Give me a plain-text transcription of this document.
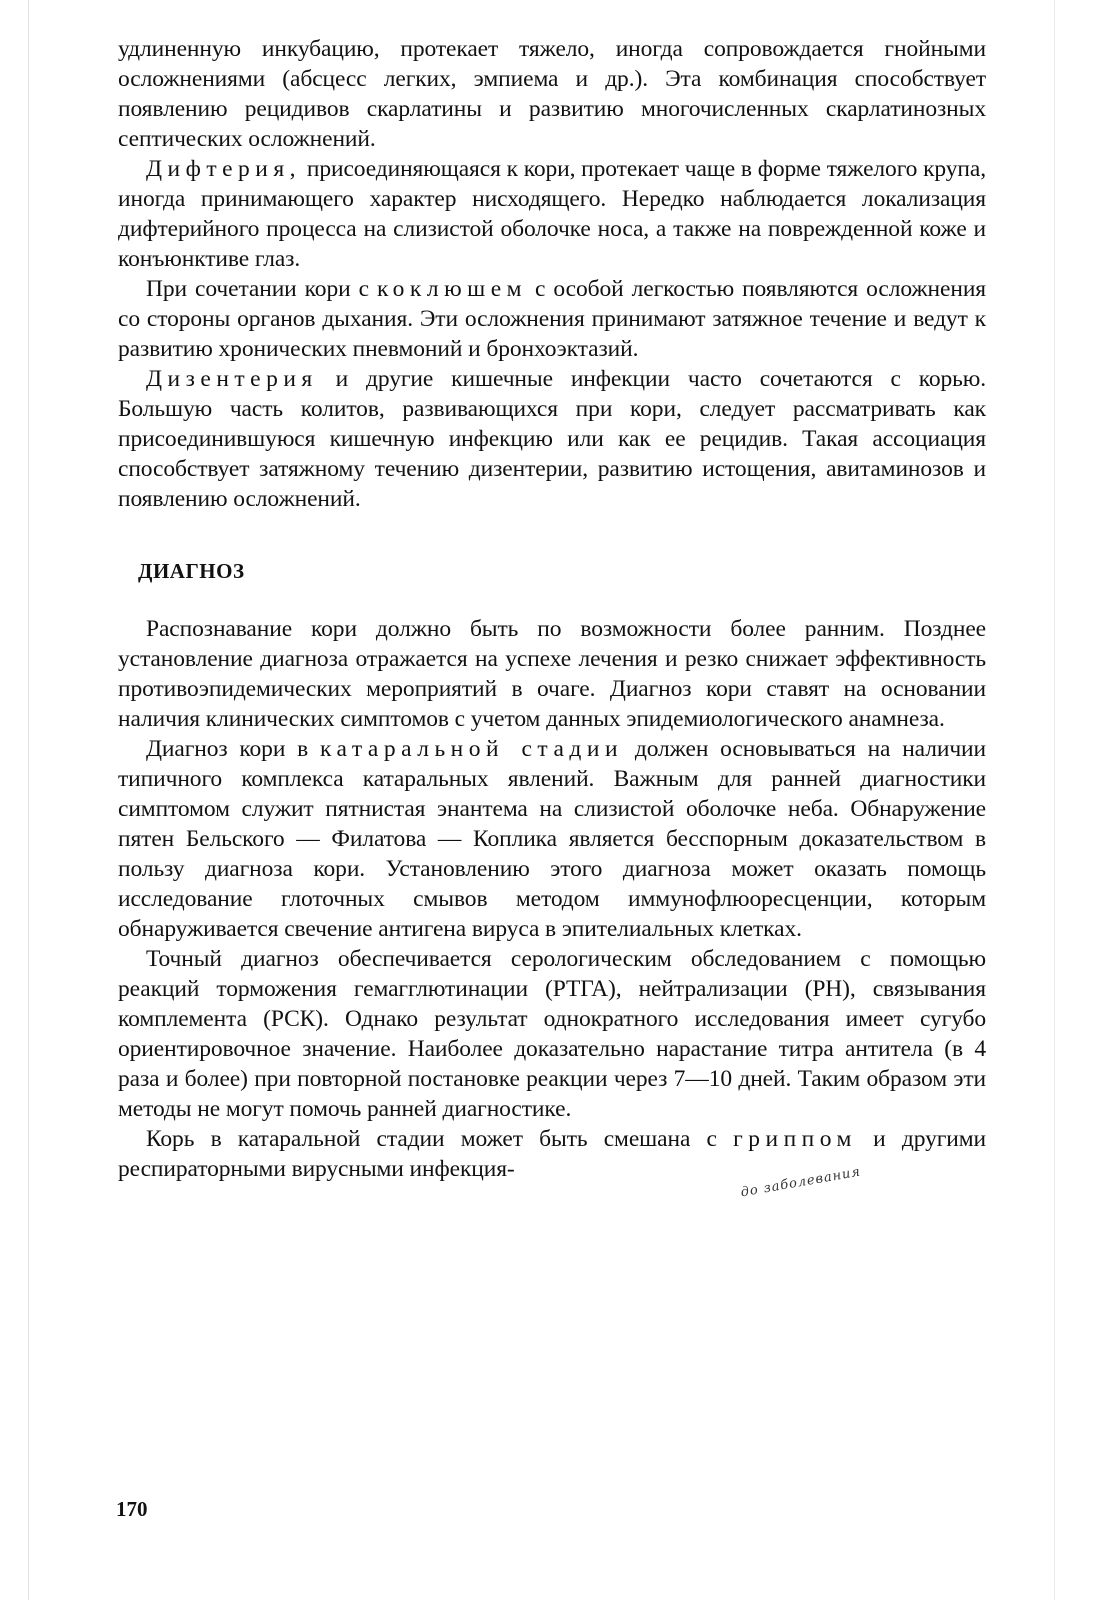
удлиненную инкубацию, протекает тяжело, иногда сопровождается гнойными осложнениями (абсцесс легких, эмпиема и др.). Эта комбинация способствует появлению рецидивов скарлатины и развитию многочисленных скарлатинозных септических осложнений.

Дифтерия, присоединяющаяся к кори, протекает чаще в форме тяжелого крупа, иногда принимающего характер нисходящего. Нередко наблюдается локализация дифтерийного процесса на слизистой оболочке носа, а также на поврежденной коже и конъюнктиве глаз.

При сочетании кори с коклюшем с особой легкостью появляются осложнения со стороны органов дыхания. Эти осложнения принимают затяжное течение и ведут к развитию хронических пневмоний и бронхоэктазий.

Дизентерия и другие кишечные инфекции часто сочетаются с корью. Большую часть колитов, развивающихся при кори, следует рассматривать как присоединившуюся кишечную инфекцию или как ее рецидив. Такая ассоциация способствует затяжному течению дизентерии, развитию истощения, авитаминозов и появлению осложнений.

ДИАГНОЗ

Распознавание кори должно быть по возможности более ранним. Позднее установление диагноза отражается на успехе лечения и резко снижает эффективность противоэпидемических мероприятий в очаге. Диагноз кори ставят на основании наличия клинических симптомов с учетом данных эпидемиологического анамнеза.

Диагноз кори в катаральной стадии должен основываться на наличии типичного комплекса катаральных явлений. Важным для ранней диагностики симптомом служит пятнистая энантема на слизистой оболочке неба. Обнаружение пятен Бельского — Филатова — Коплика является бесспорным доказательством в пользу диагноза кори. Установлению этого диагноза может оказать помощь исследование глоточных смывов методом иммунофлюоресценции, которым обнаруживается свечение антигена вируса в эпителиальных клетках.

Точный диагноз обеспечивается серологическим обследованием с помощью реакций торможения гемагглютинации (РТГА), нейтрализации (РН), связывания комплемента (РСК). Однако результат однократного исследования имеет сугубо ориентировочное значение. Наиболее доказательно нарастание титра антитела (в 4 раза и более) при повторной постановке реакции через 7—10 дней. Таким образом эти методы не могут помочь ранней диагностике.

Корь в катаральной стадии может быть смешана с гриппом и другими респираторными вирусными инфекция-	до заболевания
170
